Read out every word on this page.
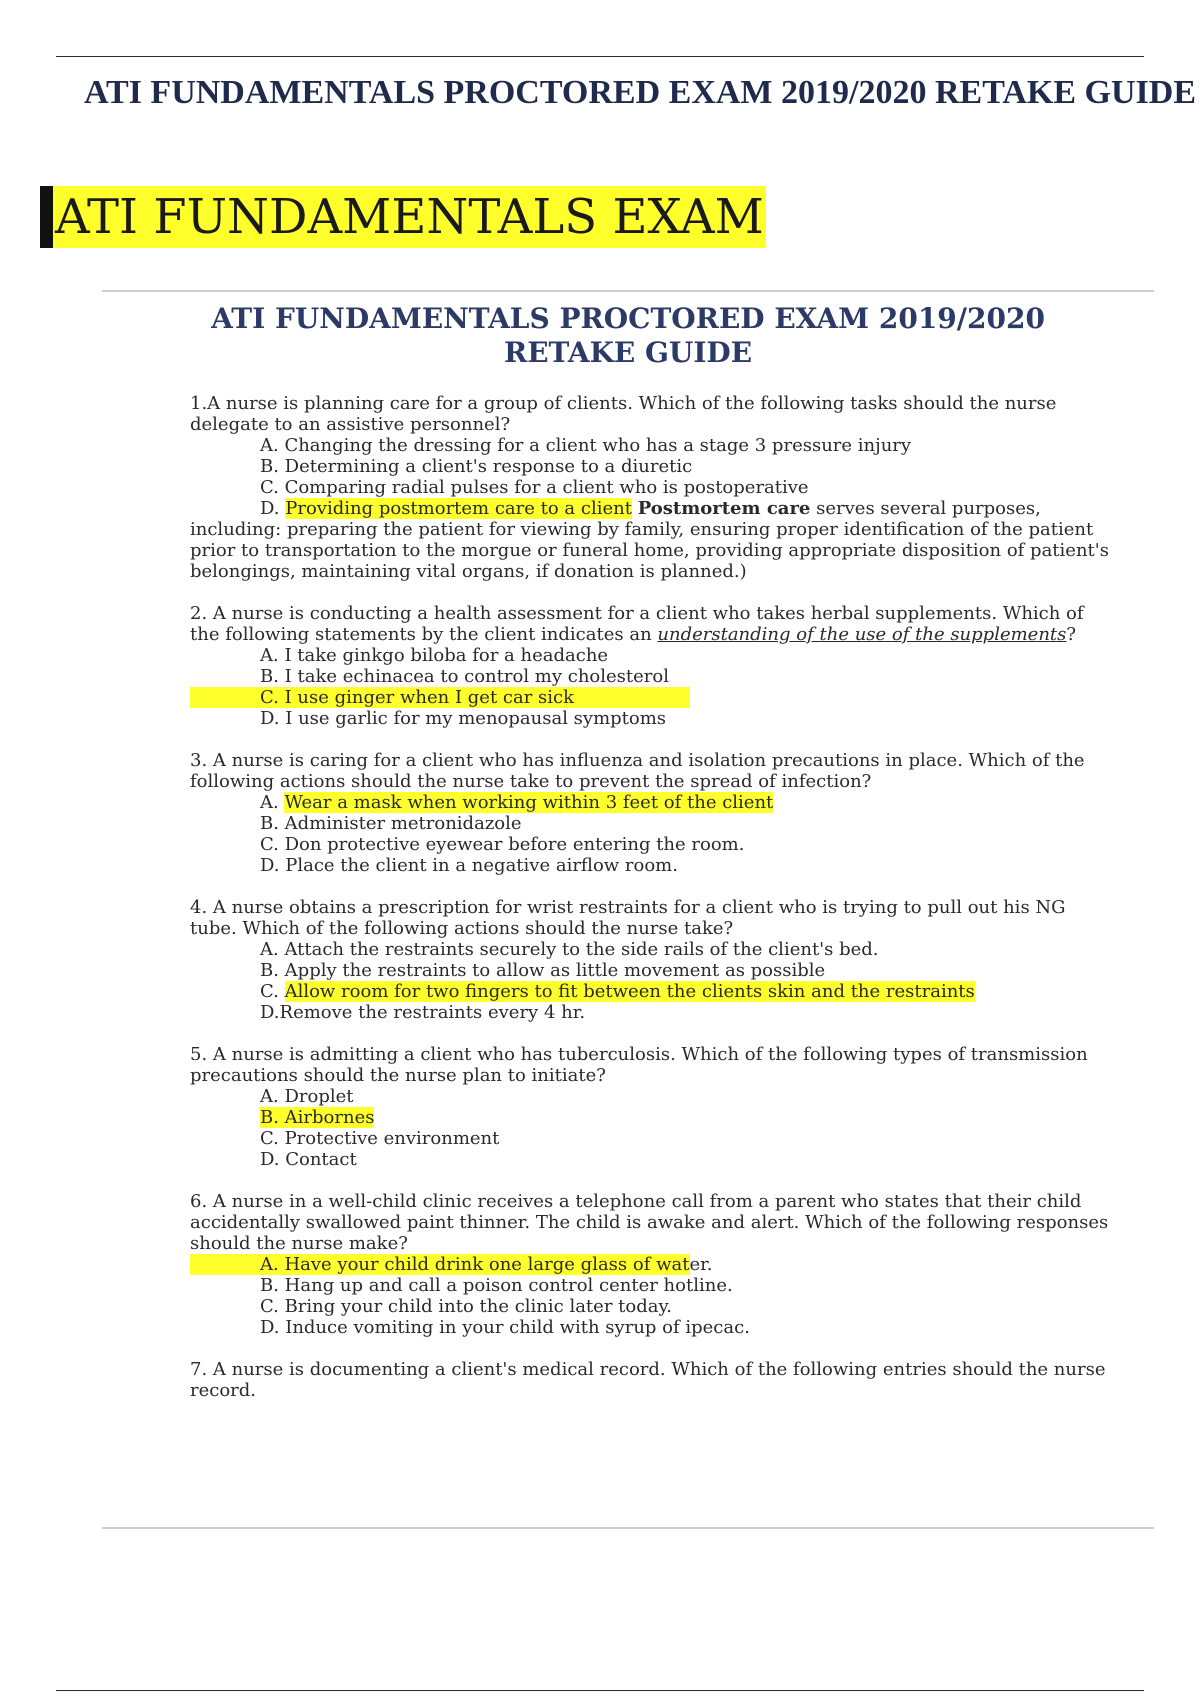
ATI FUNDAMENTALS PROCTORED EXAM 2019/2020 RETAKE GUIDE
ATI FUNDAMENTALS EXAM
ATI FUNDAMENTALS PROCTORED EXAM 2019/2020
RETAKE GUIDE

1.A nurse is planning care for a group of clients. Which of the following tasks should the nurse delegate to an assistive personnel?

A. Changing the dressing for a client who has a stage 3 pressure injury

B. Determining a client's response to a diuretic

C. Comparing radial pulses for a client who is postoperative

D. Providing postmortem care to a client Postmortem care serves several purposes,

including: preparing the patient for viewing by family, ensuring proper identification of the patient prior to transportation to the morgue or funeral home, providing appropriate disposition of patient's belongings, maintaining vital organs, if donation is planned.)

2. A nurse is conducting a health assessment for a client who takes herbal supplements. Which of the following statements by the client indicates an understanding of the use of the supplements?

A. I take ginkgo biloba for a headache

B. I take echinacea to control my cholesterol

C. I use ginger when I get car sick

D. I use garlic for my menopausal symptoms

3. A nurse is caring for a client who has influenza and isolation precautions in place. Which of the following actions should the nurse take to prevent the spread of infection?

A. Wear a mask when working within 3 feet of the client

B. Administer metronidazole

C. Don protective eyewear before entering the room.

D. Place the client in a negative airflow room.

4. A nurse obtains a prescription for wrist restraints for a client who is trying to pull out his NG tube. Which of the following actions should the nurse take?

A. Attach the restraints securely to the side rails of the client's bed.

B. Apply the restraints to allow as little movement as possible

C. Allow room for two fingers to fit between the clients skin and the restraints

D.Remove the restraints every 4 hr.

5. A nurse is admitting a client who has tuberculosis. Which of the following types of transmission precautions should the nurse plan to initiate?

A. Droplet

B. Airbornes

C. Protective environment

D. Contact

6. A nurse in a well-child clinic receives a telephone call from a parent who states that their child accidentally swallowed paint thinner. The child is awake and alert. Which of the following responses should the nurse make?

A. Have your child drink one large glass of water.

B. Hang up and call a poison control center hotline.

C. Bring your child into the clinic later today.

D. Induce vomiting in your child with syrup of ipecac.

7. A nurse is documenting a client's medical record. Which of the following entries should the nurse record.
